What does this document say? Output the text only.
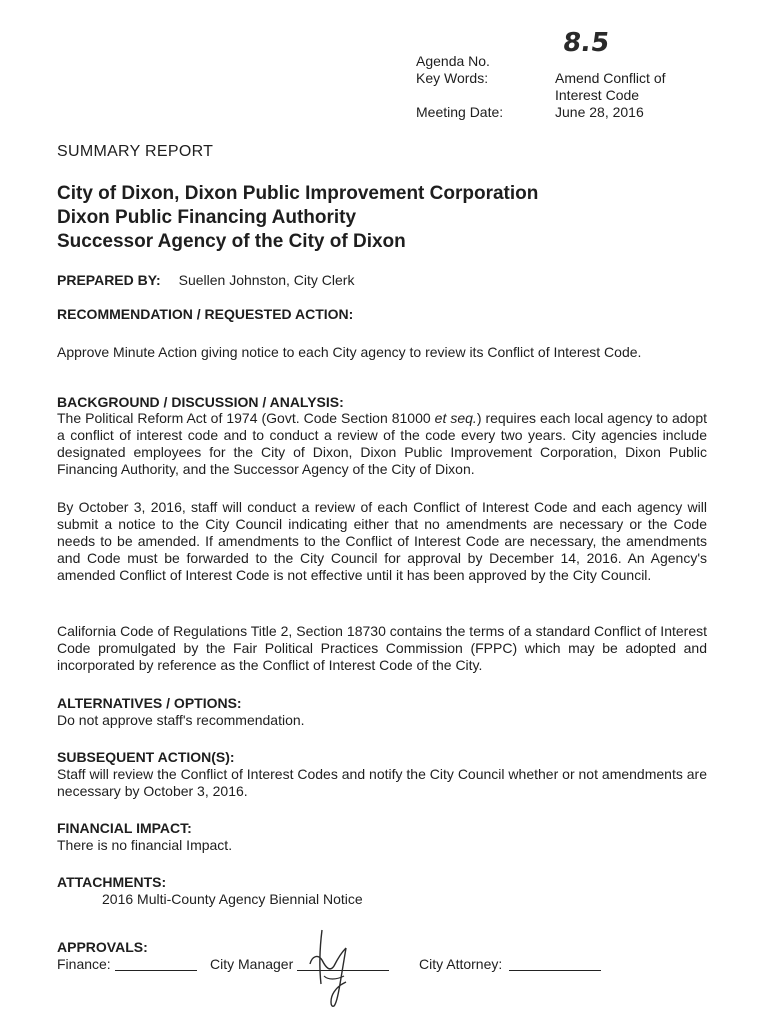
Agenda No.
8.5
Key Words:	Amend Conflict of
Interest Code
Meeting Date:	June 28, 2016
SUMMARY REPORT
City of Dixon, Dixon Public Improvement Corporation
Dixon Public Financing Authority
Successor Agency of the City of Dixon
PREPARED BY: Suellen Johnston, City Clerk
RECOMMENDATION / REQUESTED ACTION:
Approve Minute Action giving notice to each City agency to review its Conflict of Interest Code.
BACKGROUND / DISCUSSION / ANALYSIS:
The Political Reform Act of 1974 (Govt. Code Section 81000 et seq.) requires each local agency to adopt a conflict of interest code and to conduct a review of the code every two years. City agencies include designated employees for the City of Dixon, Dixon Public Improvement Corporation, Dixon Public Financing Authority, and the Successor Agency of the City of Dixon.
By October 3, 2016, staff will conduct a review of each Conflict of Interest Code and each agency will submit a notice to the City Council indicating either that no amendments are necessary or the Code needs to be amended. If amendments to the Conflict of Interest Code are necessary, the amendments and Code must be forwarded to the City Council for approval by December 14, 2016. An Agency's amended Conflict of Interest Code is not effective until it has been approved by the City Council.
California Code of Regulations Title 2, Section 18730 contains the terms of a standard Conflict of Interest Code promulgated by the Fair Political Practices Commission (FPPC) which may be adopted and incorporated by reference as the Conflict of Interest Code of the City.
ALTERNATIVES / OPTIONS:
Do not approve staff's recommendation.
SUBSEQUENT ACTION(S):
Staff will review the Conflict of Interest Codes and notify the City Council whether or not amendments are necessary by October 3, 2016.
FINANCIAL IMPACT:
There is no financial Impact.
ATTACHMENTS:
2016 Multi-County Agency Biennial Notice
APPROVALS:
Finance:	City Manager	City Attorney:
